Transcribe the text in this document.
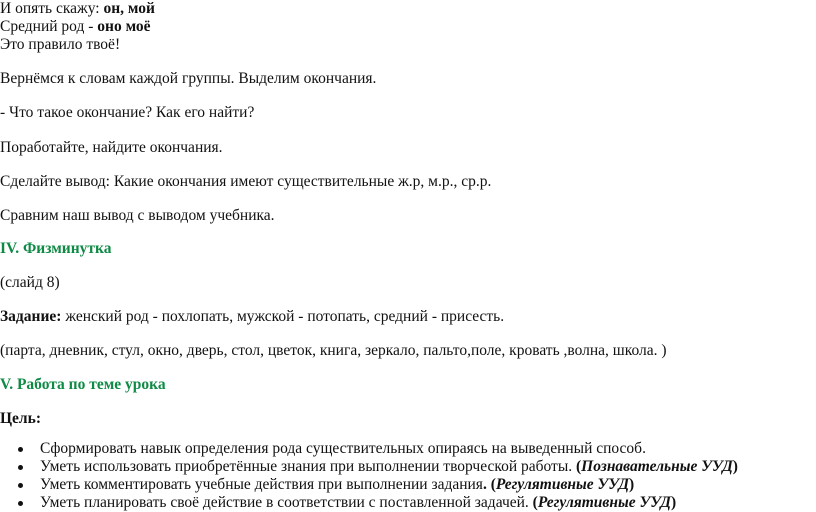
И опять скажу: он, мой
Средний род - оно моё
Это правило твоё!
Вернёмся к словам каждой группы. Выделим окончания.
- Что такое окончание? Как его найти?
Поработайте, найдите окончания.
Сделайте вывод: Какие окончания имеют существительные ж.р, м.р., ср.р.
Сравним наш вывод с выводом учебника.
IV. Физминутка
(слайд 8)
Задание: женский род - похлопать, мужской - потопать, средний - присесть.
(парта, дневник, стул, окно, дверь, стол, цветок, книга, зеркало, пальто,поле, кровать ,волна, школа. )
V. Работа по теме урока
Цель:
Сформировать навык определения рода существительных опираясь на выведенный способ.
Уметь использовать приобретённые знания при выполнении творческой работы. (Познавательные УУД)
Уметь комментировать учебные действия при выполнении задания. (Регулятивные УУД)
Уметь планировать своё действие в соответствии с поставленной задачей. (Регулятивные УУД)
